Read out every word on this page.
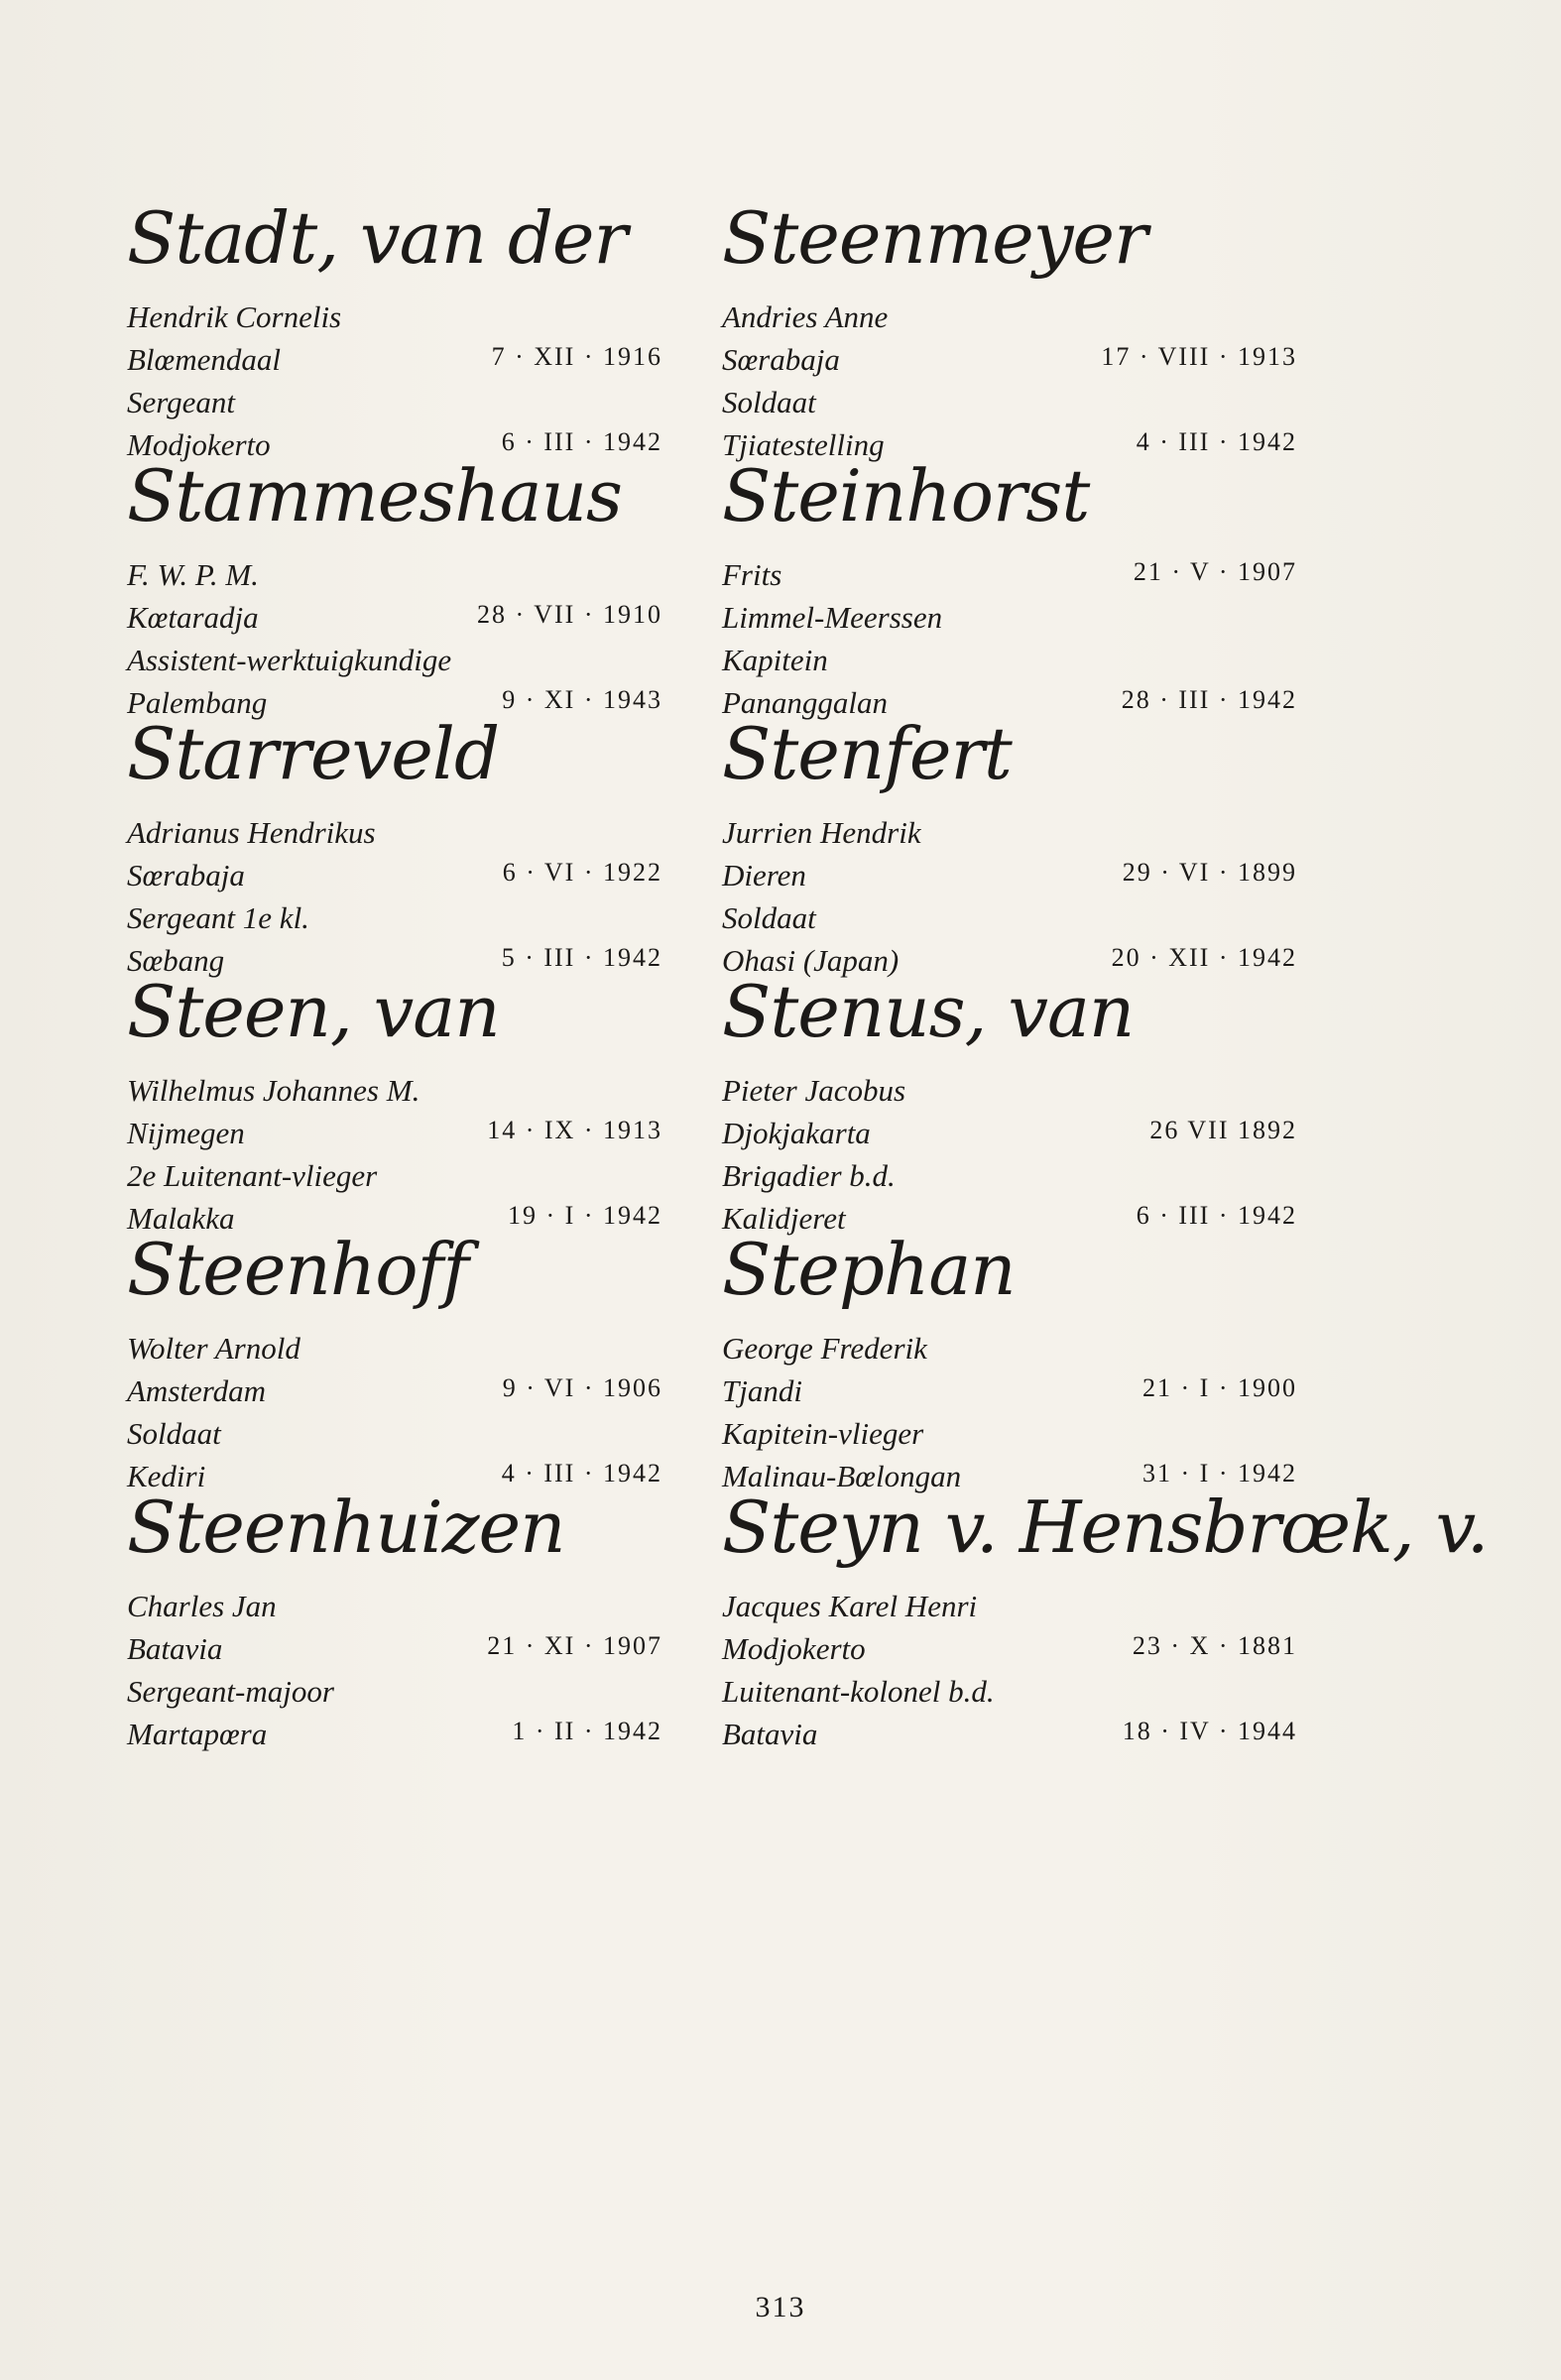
Stadt, van der
Hendrik Cornelis
Blœmendaal	7 · XII · 1916
Sergeant
Modjokerto	6 · III · 1942
Steenmeyer
Andries Anne
Sœrabaja	17 · VIII · 1913
Soldaat
Tjiatestelling	4 · III · 1942
Stammeshaus
F. W. P. M.
Kœtaradja	28 · VII · 1910
Assistent-werktuigkundige
Palembang	9 · XI · 1943
Steinhorst
Frits	21 · V · 1907
Limmel-Meerssen
Kapitein
Pananggalan	28 · III · 1942
Starreveld
Adrianus Hendrikus
Sœrabaja	6 · VI · 1922
Sergeant 1e kl.
Sœbang	5 · III · 1942
Stenfert
Jurrien Hendrik
Dieren	29 · VI · 1899
Soldaat
Ohasi (Japan)	20 · XII · 1942
Steen, van
Wilhelmus Johannes M.
Nijmegen	14 · IX · 1913
2e Luitenant-vlieger
Malakka	19 · I · 1942
Stenus, van
Pieter Jacobus
Djokjakarta	26 VII 1892
Brigadier b.d.
Kalidjeret	6 · III · 1942
Steenhoff
Wolter Arnold
Amsterdam	9 · VI · 1906
Soldaat
Kediri	4 · III · 1942
Stephan
George Frederik
Tjandi	21 · I · 1900
Kapitein-vlieger
Malinau-Bœlongan	31 · I · 1942
Steenhuizen
Charles Jan
Batavia	21 · XI · 1907
Sergeant-majoor
Martapœra	1 · II · 1942
Steyn v. Hensbrœk, v.
Jacques Karel Henri
Modjokerto	23 · X · 1881
Luitenant-kolonel b.d.
Batavia	18 · IV · 1944
313
